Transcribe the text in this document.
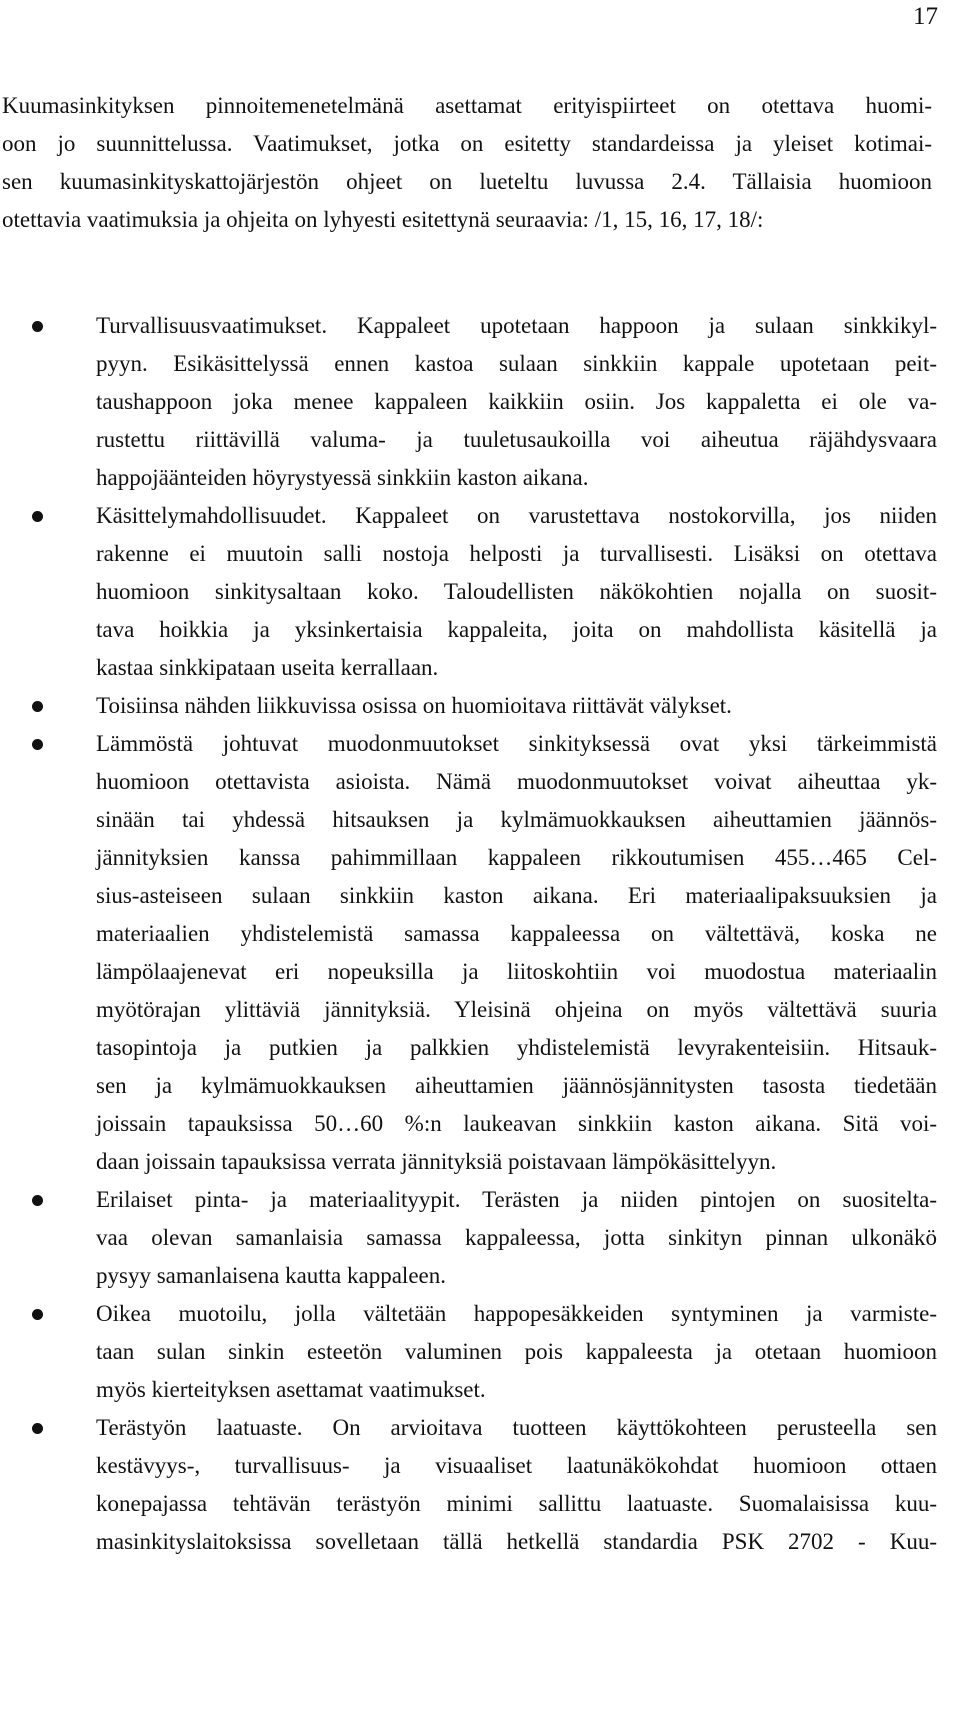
17
Kuumasinkityksen pinnoitemenetelmänä asettamat erityispiirteet on otettava huomi-
oon jo suunnittelussa. Vaatimukset, jotka on esitetty standardeissa ja yleiset kotimai-
sen kuumasinkityskattojärjestön ohjeet on lueteltu luvussa 2.4. Tällaisia huomioon
otettavia vaatimuksia ja ohjeita on lyhyesti esitettynä seuraavia: /1, 15, 16, 17, 18/:
Turvallisuusvaatimukset. Kappaleet upotetaan happoon ja sulaan sinkkikyl-
pyyn. Esikäsittelyssä ennen kastoa sulaan sinkkiin kappale upotetaan peit-
taushappoon joka menee kappaleen kaikkiin osiin. Jos kappaletta ei ole va-
rustettu riittävillä valuma- ja tuuletusaukoilla voi aiheutua räjähdysvaara
happojäänteiden höyrystyessä sinkkiin kaston aikana.
Käsittelymahdollisuudet. Kappaleet on varustettava nostokorvilla, jos niiden
rakenne ei muutoin salli nostoja helposti ja turvallisesti. Lisäksi on otettava
huomioon sinkitysaltaan koko. Taloudellisten näkökohtien nojalla on suosit-
tava hoikkia ja yksinkertaisia kappaleita, joita on mahdollista käsitellä ja
kastaa sinkkipataan useita kerrallaan.
Toisiinsa nähden liikkuvissa osissa on huomioitava riittävät välykset.
Lämmöstä johtuvat muodonmuutokset sinkityksessä ovat yksi tärkeimmistä
huomioon otettavista asioista. Nämä muodonmuutokset voivat aiheuttaa yk-
sinään tai yhdessä hitsauksen ja kylmämuokkauksen aiheuttamien jäännös-
jännityksien kanssa pahimmillaan kappaleen rikkoutumisen 455…465 Cel-
sius-asteiseen sulaan sinkkiin kaston aikana. Eri materiaalipaksuuksien ja
materiaalien yhdistelemistä samassa kappaleessa on vältettävä, koska ne
lämpölaajenevat eri nopeuksilla ja liitoskohtiin voi muodostua materiaalin
myötörajan ylittäviä jännityksiä. Yleisinä ohjeina on myös vältettävä suuria
tasopintoja ja putkien ja palkkien yhdistelemistä levyrakenteisiin. Hitsauk-
sen ja kylmämuokkauksen aiheuttamien jäännösjännitysten tasosta tiedetään
joissain tapauksissa 50…60 %:n laukeavan sinkkiin kaston aikana. Sitä voi-
daan joissain tapauksissa verrata jännityksiä poistavaan lämpökäsittelyyn.
Erilaiset pinta- ja materiaalityypit. Terästen ja niiden pintojen on suositelta-
vaa olevan samanlaisia samassa kappaleessa, jotta sinkityn pinnan ulkonäkö
pysyy samanlaisena kautta kappaleen.
Oikea muotoilu, jolla vältetään happopesäkkeiden syntyminen ja varmiste-
taan sulan sinkin esteetön valuminen pois kappaleesta ja otetaan huomioon
myös kierteityksen asettamat vaatimukset.
Terästyön laatuaste. On arvioitava tuotteen käyttökohteen perusteella sen
kestävyys-, turvallisuus- ja visuaaliset laatunäkökohdat huomioon ottaen
konepajassa tehtävän terästyön minimi sallittu laatuaste. Suomalaisissa kuu-
masinkityslaitoksissa sovelletaan tällä hetkellä standardia PSK 2702 - Kuu-
